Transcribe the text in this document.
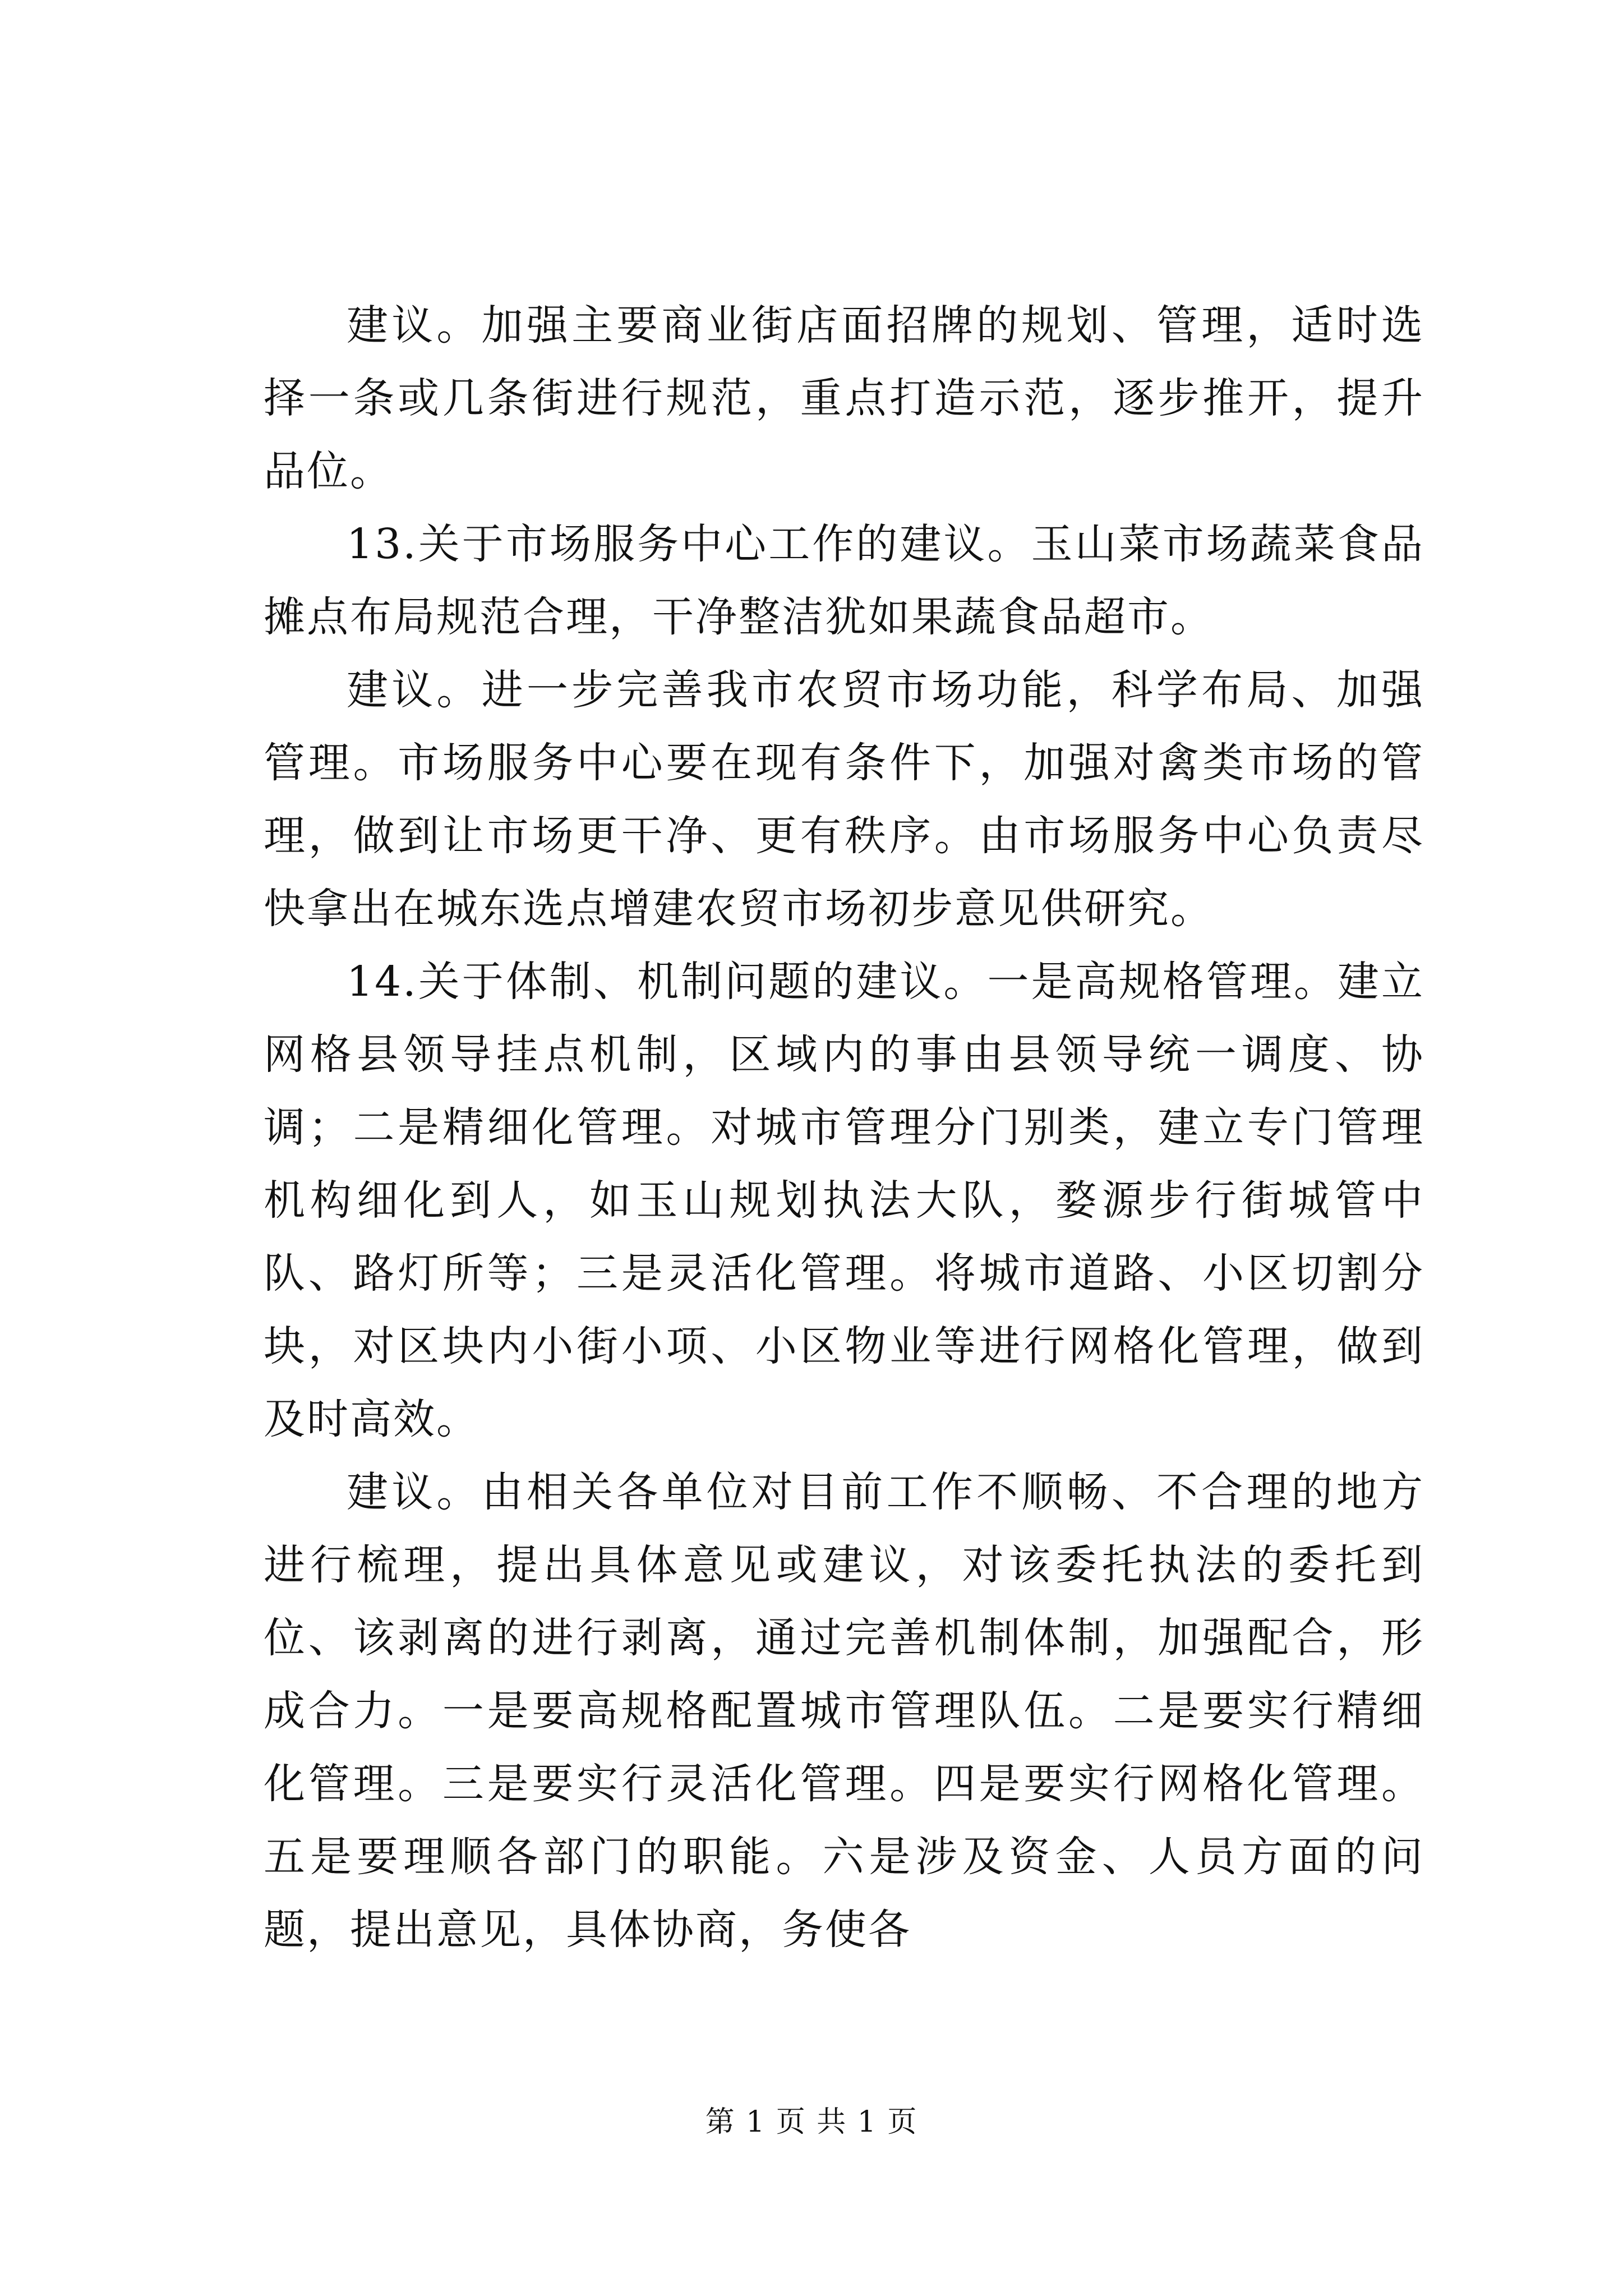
建议。加强主要商业街店面招牌的规划、管理，适时选择一条或几条街进行规范，重点打造示范，逐步推开，提升品位。

13.关于市场服务中心工作的建议。玉山菜市场蔬菜食品摊点布局规范合理，干净整洁犹如果蔬食品超市。

建议。进一步完善我市农贸市场功能，科学布局、加强管理。市场服务中心要在现有条件下，加强对禽类市场的管理，做到让市场更干净、更有秩序。由市场服务中心负责尽快拿出在城东选点增建农贸市场初步意见供研究。

14.关于体制、机制问题的建议。一是高规格管理。建立网格县领导挂点机制，区域内的事由县领导统一调度、协调；二是精细化管理。对城市管理分门别类，建立专门管理机构细化到人，如玉山规划执法大队，婺源步行街城管中队、路灯所等；三是灵活化管理。将城市道路、小区切割分块，对区块内小街小项、小区物业等进行网格化管理，做到及时高效。

建议。由相关各单位对目前工作不顺畅、不合理的地方进行梳理，提出具体意见或建议，对该委托执法的委托到位、该剥离的进行剥离，通过完善机制体制，加强配合，形成合力。一是要高规格配置城市管理队伍。二是要实行精细化管理。三是要实行灵活化管理。四是要实行网格化管理。五是要理顺各部门的职能。六是涉及资金、人员方面的问题，提出意见，具体协商，务使各

第 1 页 共 1 页
